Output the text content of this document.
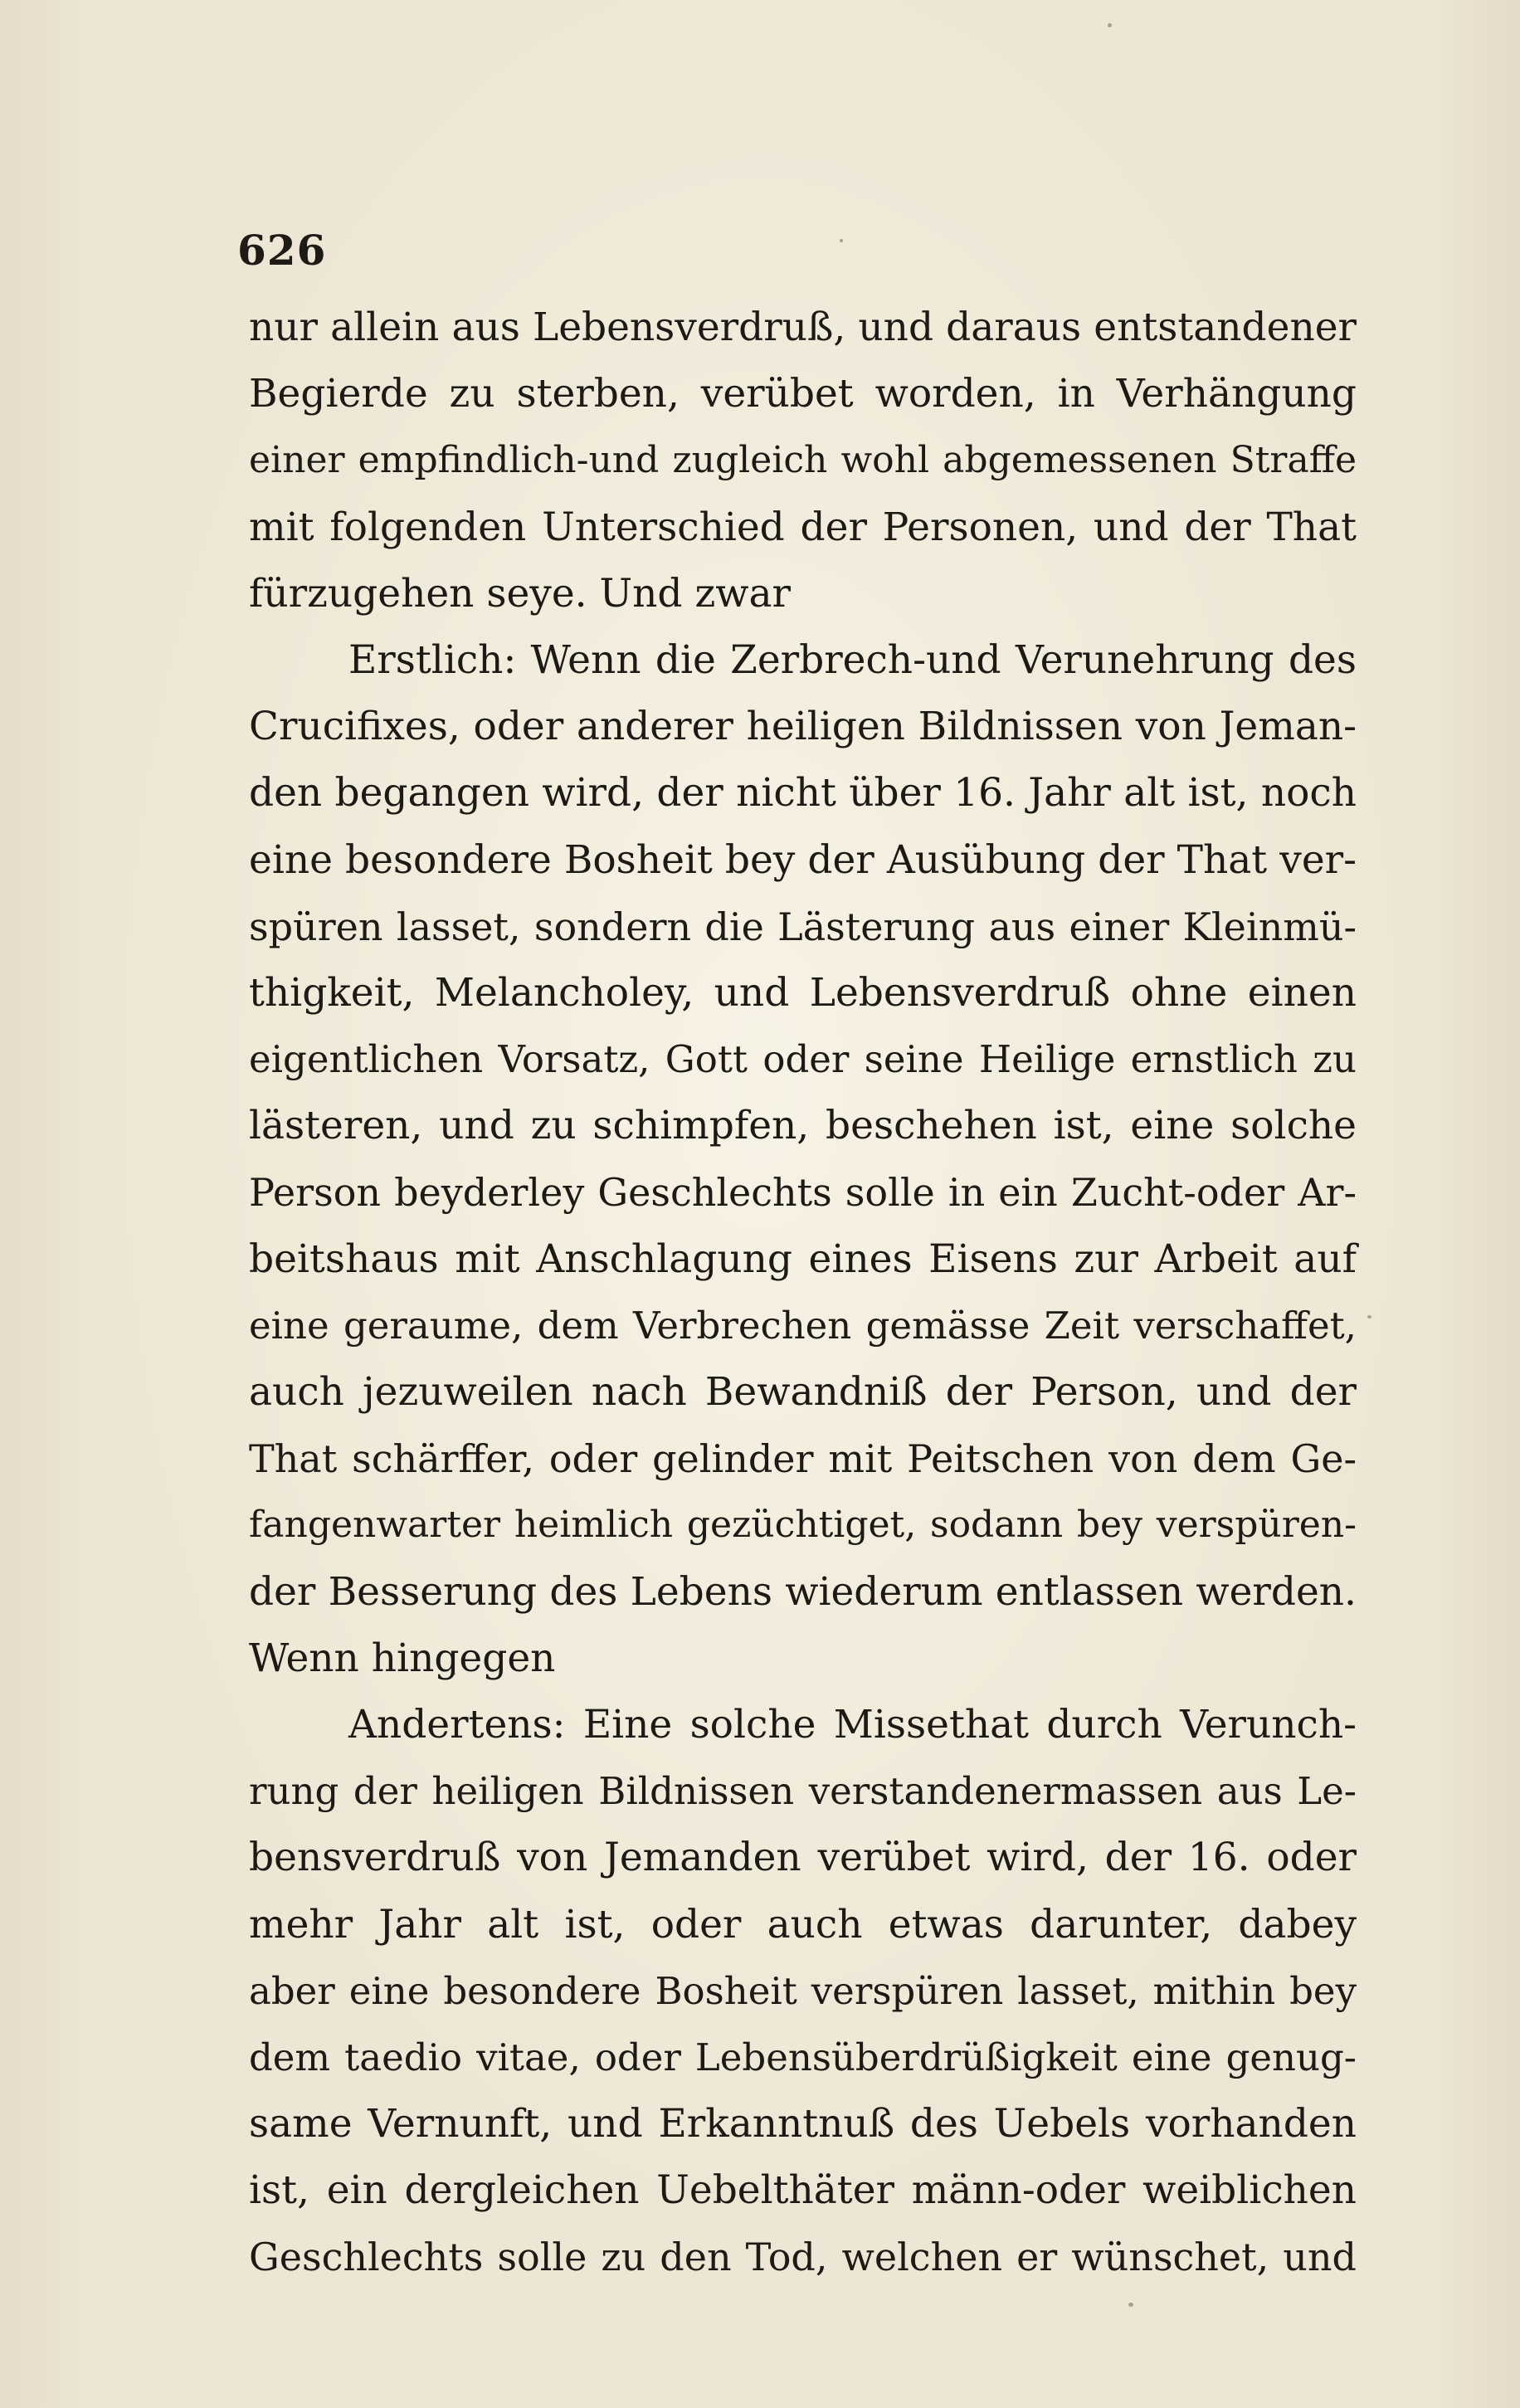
626
nur allein aus Lebensverdruß, und daraus entstandener
Begierde zu sterben, verübet worden, in Verhängung
einer empfindlich-und zugleich wohl abgemessenen Straffe
mit folgenden Unterschied der Personen, und der That
fürzugehen seye. Und zwar
Erstlich: Wenn die Zerbrech-und Verunehrung des
Crucifixes, oder anderer heiligen Bildnissen von Jeman-
den begangen wird, der nicht über 16. Jahr alt ist, noch
eine besondere Bosheit bey der Ausübung der That ver-
spüren lasset, sondern die Lästerung aus einer Kleinmü-
thigkeit, Melancholey, und Lebensverdruß ohne einen
eigentlichen Vorsatz, Gott oder seine Heilige ernstlich zu
lästeren, und zu schimpfen, beschehen ist, eine solche
Person beyderley Geschlechts solle in ein Zucht-oder Ar-
beitshaus mit Anschlagung eines Eisens zur Arbeit auf
eine geraume, dem Verbrechen gemässe Zeit verschaffet,
auch jezuweilen nach Bewandniß der Person, und der
That schärffer, oder gelinder mit Peitschen von dem Ge-
fangenwarter heimlich gezüchtiget, sodann bey verspüren-
der Besserung des Lebens wiederum entlassen werden.
Wenn hingegen
Andertens: Eine solche Missethat durch Verunch-
rung der heiligen Bildnissen verstandenermassen aus Le-
bensverdruß von Jemanden verübet wird, der 16. oder
mehr Jahr alt ist, oder auch etwas darunter, dabey
aber eine besondere Bosheit verspüren lasset, mithin bey
dem taedio vitae, oder Lebensüberdrüßigkeit eine genug-
same Vernunft, und Erkanntnuß des Uebels vorhanden
ist, ein dergleichen Uebelthäter männ-oder weiblichen
Geschlechts solle zu den Tod, welchen er wünschet, und
